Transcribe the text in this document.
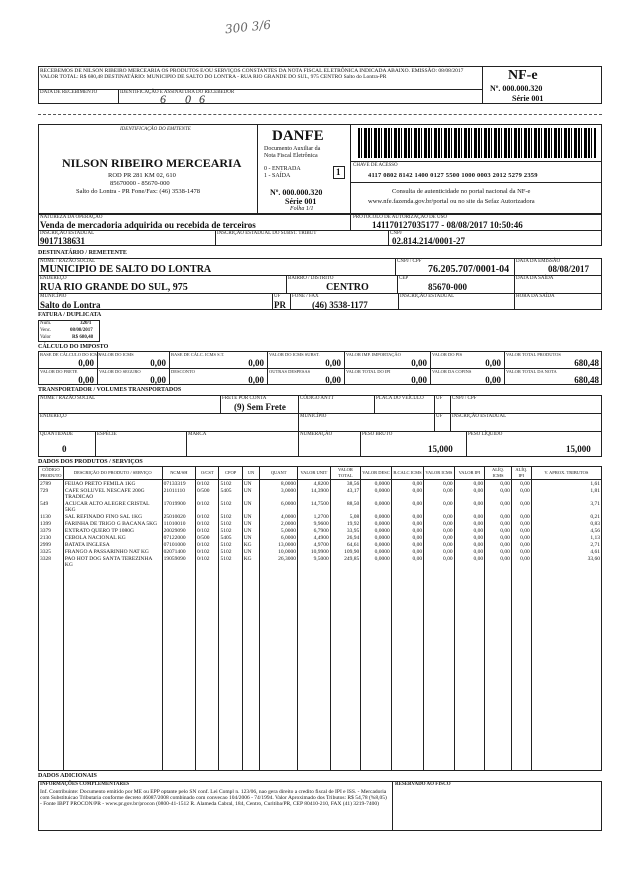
300 3/6
RECEBEMOS DE NILSON RIBEIRO MERCEARIA OS PRODUTOS E/OU SERVIÇOS CONSTANTES DA NOTA FISCAL ELETRÔNICA INDICADA ABAIXO. EMISSÃO: 08/08/2017 VALOR TOTAL: R$ 680,48 DESTINATÁRIO: MUNICIPIO DE SALTO DO LONTRA - RUA RIO GRANDE DO SUL, 975 CENTRO Salto do Lontra-PR
DATA DE RECEBIMENTO	IDENTIFICAÇÃO E ASSINATURA DO RECEBEDOR
6 06
NF-e
Nº. 000.000.320
Série 001
IDENTIFICAÇÃO DO EMITENTE
NILSON RIBEIRO MERCEARIA
ROD PR 281 KM 02, 610
85670000 - 85670-000
Salto do Lontra - PR Fone/Fax: (46) 3538-1478
DANFE
Documento Auxiliar da
Nota Fiscal Eletrônica
0 - ENTRADA
1 - SAÍDA	1
Nº. 000.000.320
Série 001
Folha 1/1
CHAVE DE ACESSO
4117 0802 8142 1400 0127 5500 1000 0003 2012 5279 2359
Consulta de autenticidade no portal nacional da NF-e
www.nfe.fazenda.gov.br/portal ou no site da Sefaz Autorizadora
NATUREZA DA OPERAÇÃO
Venda de mercadoria adquirida ou recebida de terceiros
PROTOCOLO DE AUTORIZAÇÃO DE USO
141170127035177 - 08/08/2017 10:50:46
INSCRIÇÃO ESTADUAL
9017138631
INSCRIÇÃO ESTADUAL DO SUBST. TRIBUT	CNPJ
02.814.214/0001-27
DESTINATÁRIO / REMETENTE
NOME / RAZÃO SOCIAL
MUNICIPIO DE SALTO DO LONTRA
CNPJ / CPF
76.205.707/0001-04
DATA DA EMISSÃO
08/08/2017
ENDEREÇO
RUA RIO GRANDE DO SUL, 975
BAIRRO / DISTRITO
CENTRO
CEP
85670-000
DATA DA SAÍDA
MUNICÍPIO
Salto do Lontra
UF
PR
FONE / FAX
(46) 3538-1177
INSCRIÇÃO ESTADUAL	HORA DA SAÍDA
FATURA / DUPLICATA
Num.	320/1
Venc.	08/08/2017
Valor	R$ 680,48
CÁLCULO DO IMPOSTO
BASE DE CÁLCULO DO ICMS
0,00
VALOR DO ICMS
0,00
BASE DE CÁLC. ICMS S.T.
0,00
VALOR DO ICMS SUBST.
0,00
VALOR IMP. IMPORTAÇÃO
0,00
VALOR DO PIS
0,00
VALOR TOTAL PRODUTOS
680,48
VALOR DO FRETE
0,00
VALOR DO SEGURO
0,00
DESCONTO
0,00
OUTRAS DESPESAS
0,00
VALOR TOTAL DO IPI
0,00
VALOR DA COFINS
0,00
VALOR TOTAL DA NOTA
680,48
TRANSPORTADOR / VOLUMES TRANSPORTADOS
NOME / RAZÃO SOCIAL	FRETE POR CONTA
(9) Sem Frete
CÓDIGO ANTT	PLACA DO VEÍCULO UF CNPJ / CPF
ENDEREÇO	MUNICÍPIO	UF INSCRIÇÃO ESTADUAL
QUANTIDADE
0
ESPÉCIE	MARCA	NUMERAÇÃO	PESO BRUTO
15,000
PESO LÍQUIDO
15,000
DADOS DOS PRODUTOS / SERVIÇOS
CÓDIGO PRODUTO	DESCRIÇÃO DO PRODUTO / SERVIÇO	NCM/SH	O/CST	CFOP	UN	QUANT	VALOR UNIT	VALOR TOTAL	VALOR DESC	B.CALC ICMS	VALOR ICMS	VALOR IPI	ALÍQ. ICMS	ALÍQ. IPI	V. APROX. TRIBUTOS
2789	FEIJAO PRETO FEMILA 1KG	07133319	0/102	5102	UN	8,0000	4,8200	38,56	0,0000	0,00	0,00	0,00	0,00	0,00	1,61
729	CAFE SOLUVEL NESCAFE 200G TRADICAO	21011110	0/500	5405	UN	3,0000	14,3900	43,17	0,0000	0,00	0,00	0,00	0,00	0,00	1,81
549	ACUCAR ALTO ALEGRE CRISTAL 5KG	17019900	0/102	5102	UN	6,0000	14,7500	88,50	0,0000	0,00	0,00	0,00	0,00	0,00	3,71
1130	SAL REFINADO FINO SAL 1KG	25010020	0/102	5102	UN	4,0000	1,2700	5,08	0,0000	0,00	0,00	0,00	0,00	0,00	0,21
1399	FARINHA DE TRIGO G BACANA 5KG	11010010	0/102	5102	UN	2,0000	9,9600	19,92	0,0000	0,00	0,00	0,00	0,00	0,00	0,83
3379	EXTRATO QUERO TP 1080G	20029090	0/102	5102	UN	5,0000	6,7900	33,95	0,0000	0,00	0,00	0,00	0,00	0,00	4,56
2130	CEBOLA NACIONAL KG	07122000	0/500	5405	UN	6,0000	4,4900	26,94	0,0000	0,00	0,00	0,00	0,00	0,00	1,13
2999	BATATA INGLESA	07101000	0/102	5102	KG	13,0000	4,9700	64,61	0,0000	0,00	0,00	0,00	0,00	0,00	2,71
3325	FRANGO A PASSARINHO NAT KG	02071400	0/102	5102	UN	10,0000	10,9900	109,90	0,0000	0,00	0,00	0,00	0,00	0,00	4,61
3328	PAO HOT DOG SANTA TEREZINHA KG	19059090	0/102	5102	KG	26,3000	9,5000	249,85	0,0000	0,00	0,00	0,00	0,00	0,00	33,60

DADOS ADICIONAIS
INFORMAÇÕES COMPLEMENTARES
Inf. Contribuinte: Documento emitido por ME ou EPP optante pelo SN conf. Lei Compl n. 123/06, nao gera direito a credito fiscal de IPI e ISS. - Mercadoria com Substituicao Tributaria conforme decreto 46087/2008 combinado com convecao 104/2006 - 74/1994. Valor Aproximado dos Tributos: R$ 54,78 (%8,05) - Fonte IBPT PROCON/PR - www.pr.gov.br/procon (0800-41-1512 R. Alameda Cabral, 184, Centro, Curitiba/PR, CEP 80410-210, FAX (41) 3219-7400)
RESERVADO AO FISCO
